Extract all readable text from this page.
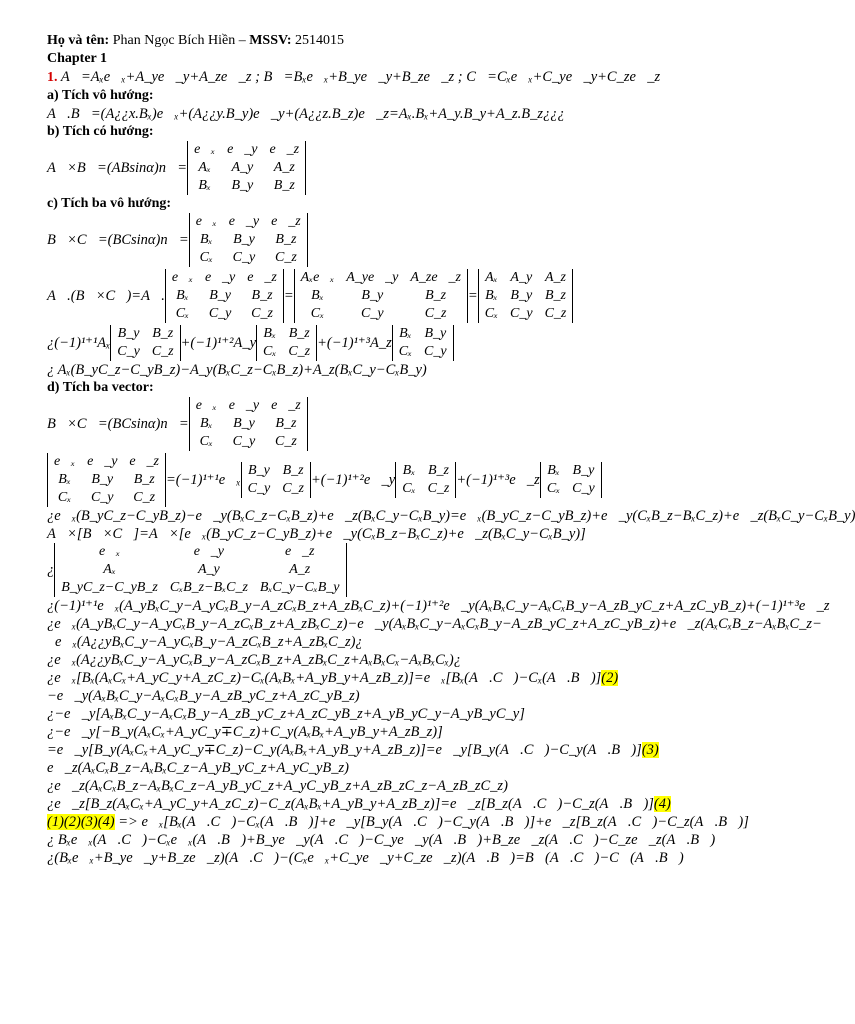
Họ và tên: Phan Ngọc Bích Hiền – MSSV: 2514015
Chapter 1
1. A⃗=Aₓe⃗ₓ+A_ye⃗_y+A_ze⃗_z ; B⃗=Bₓe⃗ₓ+B_ye⃗_y+B_ze⃗_z ; C⃗=Cₓe⃗ₓ+C_ye⃗_y+C_ze⃗_z
a) Tích vô hướng:
A⃗.B⃗=(A¿¿x.Bₓ)e⃗ₓ+(A¿¿y.B_y)e⃗_y+(A¿¿z.B_z)e⃗_z=Aₓ.Bₓ+A_y.B_y+A_z.B_z¿¿¿
b) Tích có hướng:
A⃗×B⃗=(ABsinα)n⃗=
e⃗ₓ	e⃗_y	e⃗_z
Aₓ	A_y	A_z
Bₓ	B_y	B_z
c) Tích ba vô hướng:
B⃗×C⃗=(BCsinα)n⃗=
e⃗ₓ	e⃗_y	e⃗_z
Bₓ	B_y	B_z
Cₓ	C_y	C_z
A⃗.(B⃗×C⃗)=A⃗.
e⃗ₓ	e⃗_y	e⃗_z
Bₓ	B_y	B_z
Cₓ	C_y	C_z
=
Aₓe⃗ₓ	A_ye⃗_y	A_ze⃗_z
Bₓ	B_y	B_z
Cₓ	C_y	C_z
=
Aₓ	A_y	A_z
Bₓ	B_y	B_z
Cₓ	C_y	C_z
¿(−1)¹⁺¹Aₓ
B_y	B_z
C_y	C_z
+(−1)¹⁺²A_y
Bₓ	B_z
Cₓ	C_z
+(−1)¹⁺³A_z
Bₓ	B_y
Cₓ	C_y
¿ Aₓ(B_yC_z−C_yB_z)−A_y(BₓC_z−CₓB_z)+A_z(BₓC_y−CₓB_y)
d) Tích ba vector:
B⃗×C⃗=(BCsinα)n⃗=
e⃗ₓ	e⃗_y	e⃗_z
Bₓ	B_y	B_z
Cₓ	C_y	C_z
e⃗ₓ	e⃗_y	e⃗_z
Bₓ	B_y	B_z
Cₓ	C_y	C_z
=(−1)¹⁺¹e⃗ₓ
B_y	B_z
C_y	C_z
+(−1)¹⁺²e⃗_y
Bₓ	B_z
Cₓ	C_z
+(−1)¹⁺³e⃗_z
Bₓ	B_y
Cₓ	C_y
¿e⃗ₓ(B_yC_z−C_yB_z)−e⃗_y(BₓC_z−CₓB_z)+e⃗_z(BₓC_y−CₓB_y)=e⃗ₓ(B_yC_z−C_yB_z)+e⃗_y(CₓB_z−BₓC_z)+e⃗_z(BₓC_y−CₓB_y)
A⃗×[B⃗×C⃗]=A⃗×[e⃗ₓ(B_yC_z−C_yB_z)+e⃗_y(CₓB_z−BₓC_z)+e⃗_z(BₓC_y−CₓB_y)]
¿
e⃗ₓ	e⃗_y	e⃗_z
Aₓ	A_y	A_z
B_yC_z−C_yB_z	CₓB_z−BₓC_z	BₓC_y−CₓB_y
¿(−1)¹⁺¹e⃗ₓ(A_yBₓC_y−A_yCₓB_y−A_zCₓB_z+A_zBₓC_z)+(−1)¹⁺²e⃗_y(AₓBₓC_y−AₓCₓB_y−A_zB_yC_z+A_zC_yB_z)+(−1)¹⁺³e⃗_z
¿e⃗ₓ(A_yBₓC_y−A_yCₓB_y−A_zCₓB_z+A_zBₓC_z)−e⃗_y(AₓBₓC_y−AₓCₓB_y−A_zB_yC_z+A_zC_yB_z)+e⃗_z(AₓCₓB_z−AₓBₓC_z−
e⃗ₓ(A¿¿yBₓC_y−A_yCₓB_y−A_zCₓB_z+A_zBₓC_z)¿
¿e⃗ₓ(A¿¿yBₓC_y−A_yCₓB_y−A_zCₓB_z+A_zBₓC_z+AₓBₓCₓ−AₓBₓCₓ)¿
¿e⃗ₓ[Bₓ(AₓCₓ+A_yC_y+A_zC_z)−Cₓ(AₓBₓ+A_yB_y+A_zB_z)]=e⃗ₓ[Bₓ(A⃗.C⃗)−Cₓ(A⃗.B⃗)](2)
−e⃗_y(AₓBₓC_y−AₓCₓB_y−A_zB_yC_z+A_zC_yB_z)
¿−e⃗_y[AₓBₓC_y−AₓCₓB_y−A_zB_yC_z+A_zC_yB_z+A_yB_yC_y−A_yB_yC_y]
¿−e⃗_y[−B_y(AₓCₓ+A_yC_y∓C_z)+C_y(AₓBₓ+A_yB_y+A_zB_z)]
=e⃗_y[B_y(AₓCₓ+A_yC_y∓C_z)−C_y(AₓBₓ+A_yB_y+A_zB_z)]=e⃗_y[B_y(A⃗.C⃗)−C_y(A⃗.B⃗)](3)
e⃗_z(AₓCₓB_z−AₓBₓC_z−A_yB_yC_z+A_yC_yB_z)
¿e⃗_z(AₓCₓB_z−AₓBₓC_z−A_yB_yC_z+A_yC_yB_z+A_zB_zC_z−A_zB_zC_z)
¿e⃗_z[B_z(AₓCₓ+A_yC_y+A_zC_z)−C_z(AₓBₓ+A_yB_y+A_zB_z)]=e⃗_z[B_z(A⃗.C⃗)−C_z(A⃗.B⃗)](4)
(1)(2)(3)(4) => e⃗ₓ[Bₓ(A⃗.C⃗)−Cₓ(A⃗.B⃗)]+e⃗_y[B_y(A⃗.C⃗)−C_y(A⃗.B⃗)]+e⃗_z[B_z(A⃗.C⃗)−C_z(A⃗.B⃗)]
¿ Bₓe⃗ₓ(A⃗.C⃗)−Cₓe⃗ₓ(A⃗.B⃗)+B_ye⃗_y(A⃗.C⃗)−C_ye⃗_y(A⃗.B⃗)+B_ze⃗_z(A⃗.C⃗)−C_ze⃗_z(A⃗.B⃗)
¿(Bₓe⃗ₓ+B_ye⃗_y+B_ze⃗_z)(A⃗.C⃗)−(Cₓe⃗ₓ+C_ye⃗_y+C_ze⃗_z)(A⃗.B⃗)=B⃗(A⃗.C⃗)−C⃗(A⃗.B⃗)
